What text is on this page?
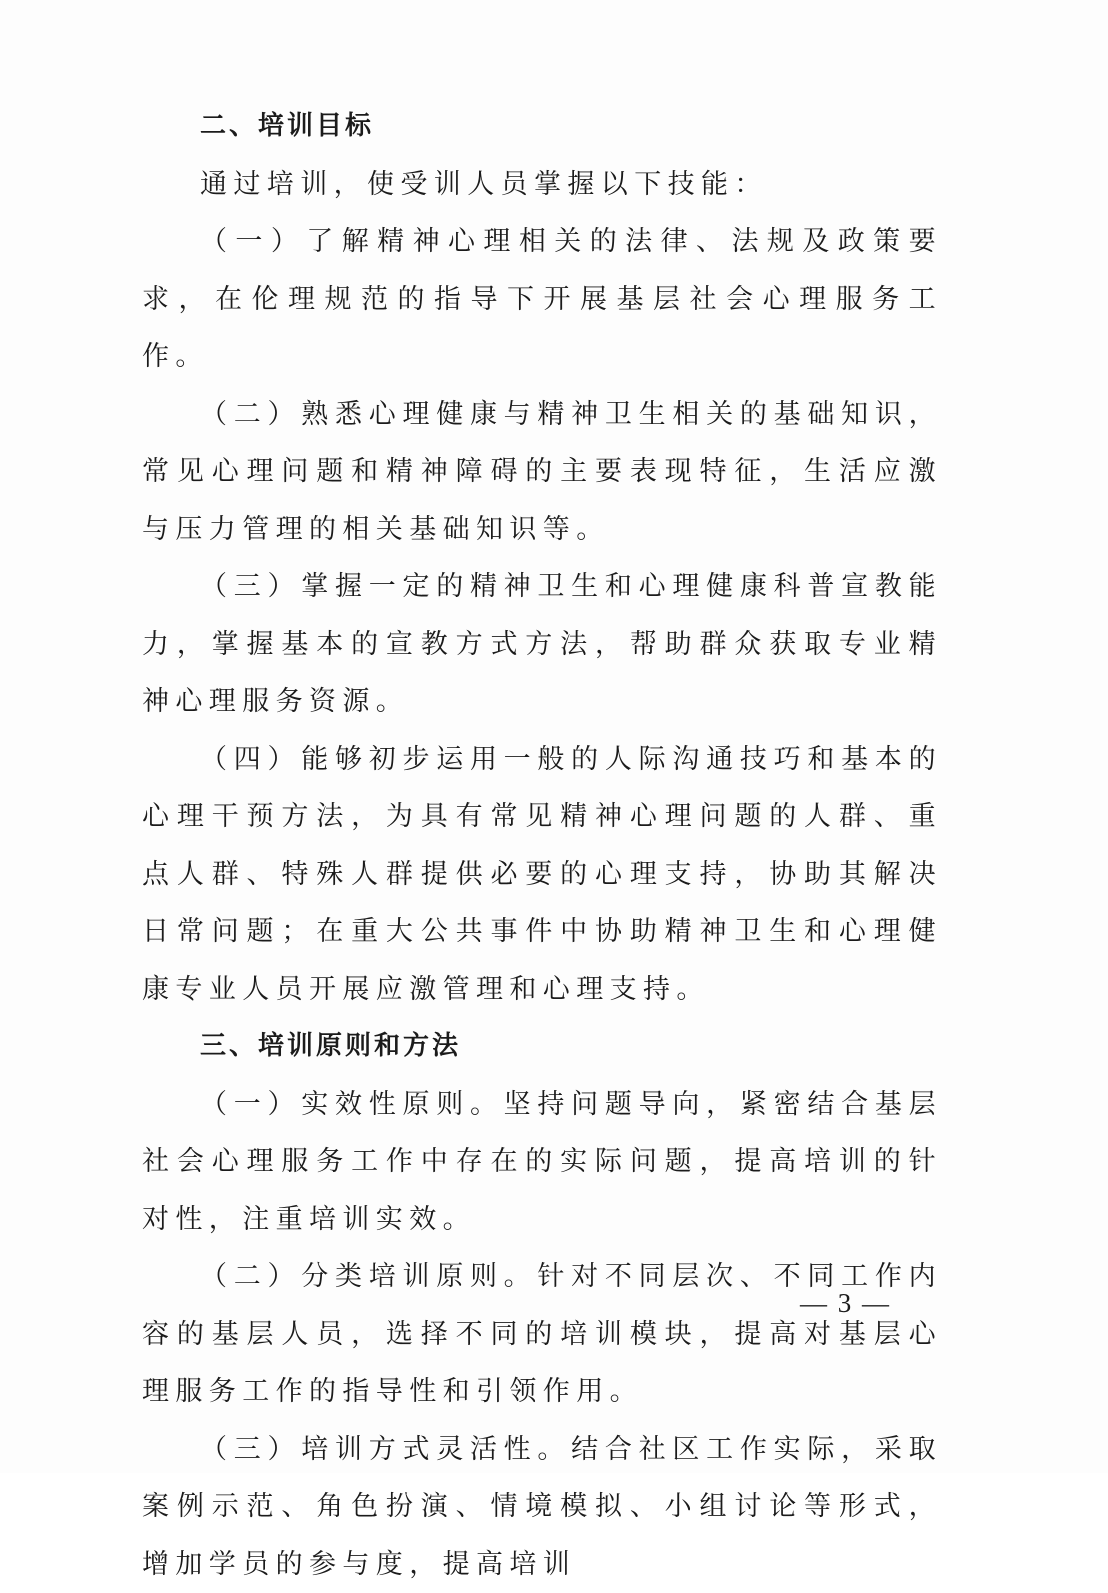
二、培训目标

通过培训，使受训人员掌握以下技能：

（一）了解精神心理相关的法律、法规及政策要求，在伦理规范的指导下开展基层社会心理服务工作。

（二）熟悉心理健康与精神卫生相关的基础知识，常见心理问题和精神障碍的主要表现特征，生活应激与压力管理的相关基础知识等。

（三）掌握一定的精神卫生和心理健康科普宣教能力，掌握基本的宣教方式方法，帮助群众获取专业精神心理服务资源。

（四）能够初步运用一般的人际沟通技巧和基本的心理干预方法，为具有常见精神心理问题的人群、重点人群、特殊人群提供必要的心理支持，协助其解决日常问题；在重大公共事件中协助精神卫生和心理健康专业人员开展应激管理和心理支持。

三、培训原则和方法

（一）实效性原则。坚持问题导向，紧密结合基层社会心理服务工作中存在的实际问题，提高培训的针对性，注重培训实效。

（二）分类培训原则。针对不同层次、不同工作内容的基层人员，选择不同的培训模块，提高对基层心理服务工作的指导性和引领作用。

（三）培训方式灵活性。结合社区工作实际，采取案例示范、角色扮演、情境模拟、小组讨论等形式，增加学员的参与度，提高培训

— 3 —
